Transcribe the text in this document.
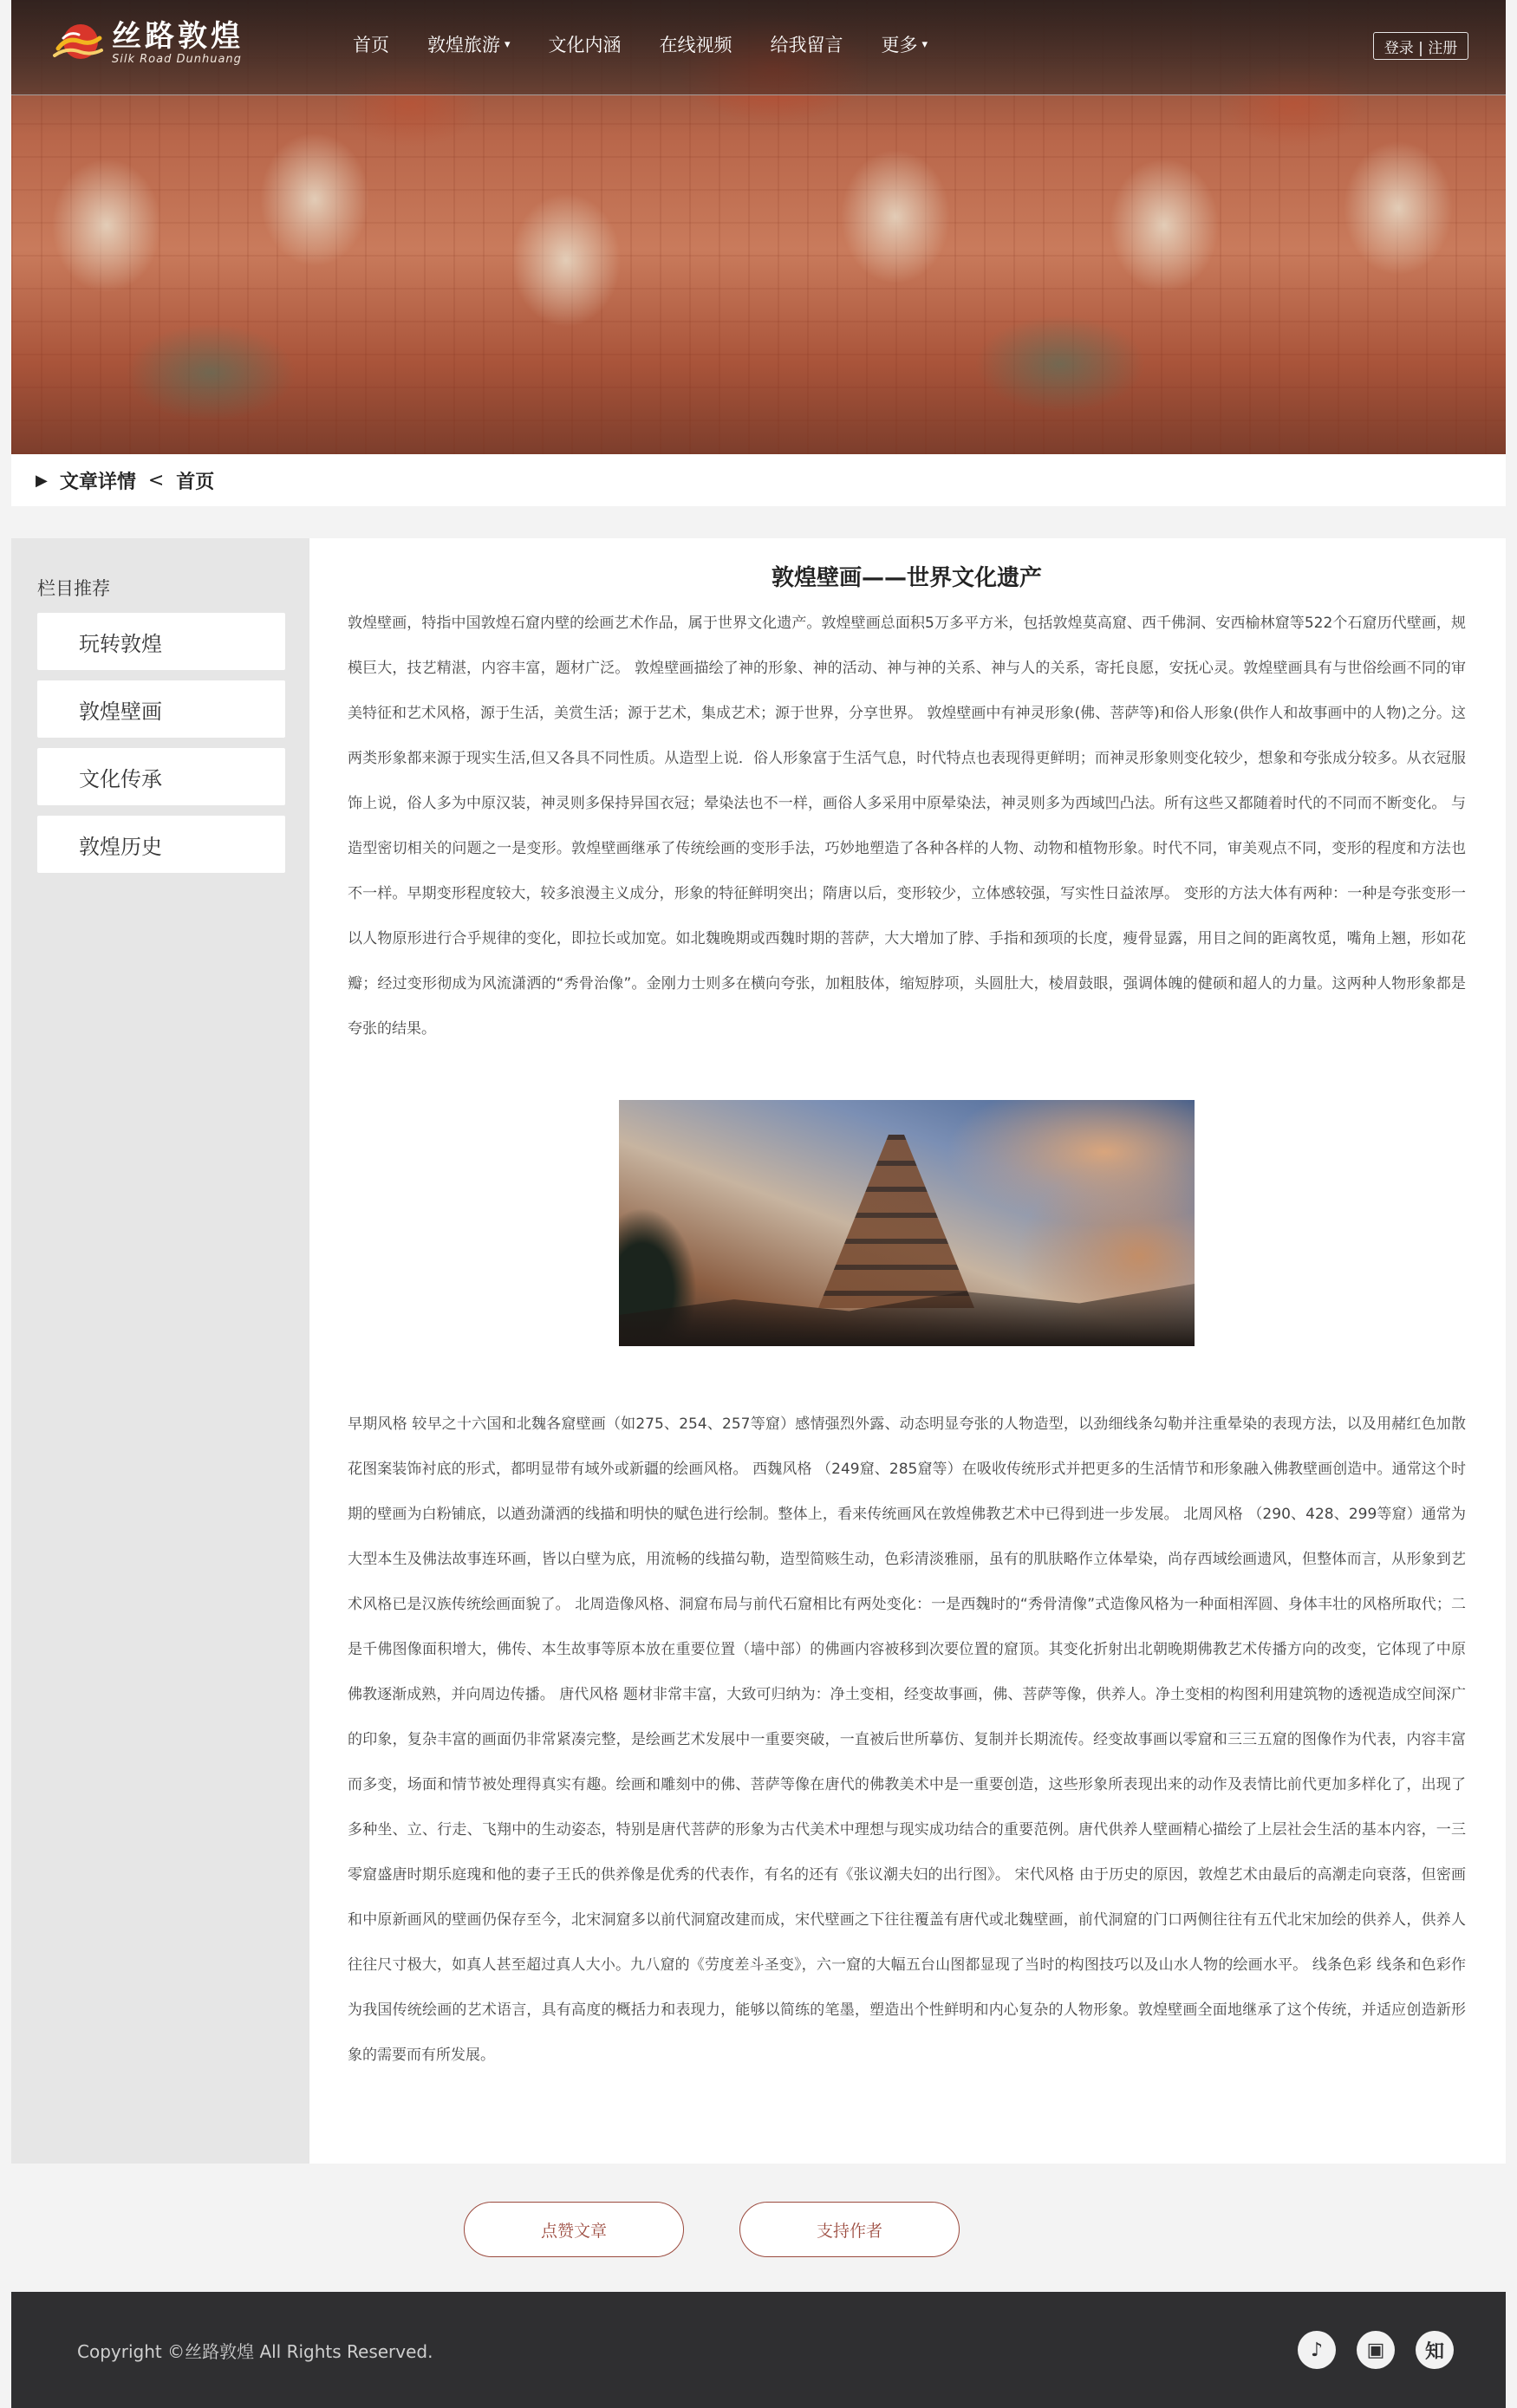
丝路敦煌
Silk Road Dunhuang
首页 敦煌旅游 ▾ 文化内涵 在线视频 给我留言 更多 ▾	登录 | 注册
▶ 文章详情 < 首页
栏目推荐
玩转敦煌
敦煌壁画
文化传承
敦煌历史
敦煌壁画——世界文化遗产

敦煌壁画，特指中国敦煌石窟内壁的绘画艺术作品，属于世界文化遗产。敦煌壁画总面积5万多平方米，包括敦煌莫高窟、西千佛洞、安西榆林窟等522个石窟历代壁画，规模巨大，技艺精湛，内容丰富，题材广泛。 敦煌壁画描绘了神的形象、神的活动、神与神的关系、神与人的关系，寄托良愿，安抚心灵。敦煌壁画具有与世俗绘画不同的审美特征和艺术风格，源于生活，美赏生活；源于艺术，集成艺术；源于世界，分享世界。 敦煌壁画中有神灵形象(佛、菩萨等)和俗人形象(供作人和故事画中的人物)之分。这两类形象都来源于现实生活,但又各具不同性质。从造型上说．俗人形象富于生活气息，时代特点也表现得更鲜明；而神灵形象则变化较少，想象和夸张成分较多。从衣冠服饰上说，俗人多为中原汉装，神灵则多保持异国衣冠；晕染法也不一样，画俗人多采用中原晕染法，神灵则多为西域凹凸法。所有这些又都随着时代的不同而不断变化。 与造型密切相关的问题之一是变形。敦煌壁画继承了传统绘画的变形手法，巧妙地塑造了各种各样的人物、动物和植物形象。时代不同，审美观点不同，变形的程度和方法也不一样。早期变形程度较大，较多浪漫主义成分，形象的特征鲜明突出；隋唐以后，变形较少，立体感较强，写实性日益浓厚。 变形的方法大体有两种：一种是夸张变形一以人物原形进行合乎规律的变化，即拉长或加宽。如北魏晚期或西魏时期的菩萨，大大增加了脖、手指和颈项的长度，瘦骨显露，用目之间的距离牧觅，嘴角上翘，形如花瓣；经过变形彻成为风流潇洒的“秀骨治像”。金刚力士则多在横向夸张，加粗肢体，缩短脖项，头圆肚大，棱眉鼓眼，强调体魄的健硕和超人的力量。这两种人物形象都是夸张的结果。

早期风格 较早之十六国和北魏各窟壁画（如275、254、257等窟）感情强烈外露、动态明显夸张的人物造型，以劲细线条勾勒并注重晕染的表现方法，以及用赭红色加散花图案装饰衬底的形式，都明显带有域外或新疆的绘画风格。 西魏风格 （249窟、285窟等）在吸收传统形式并把更多的生活情节和形象融入佛教壁画创造中。通常这个时期的壁画为白粉铺底，以遒劲潇洒的线描和明快的赋色进行绘制。整体上，看来传统画风在敦煌佛教艺术中已得到进一步发展。 北周风格 （290、428、299等窟）通常为大型本生及佛法故事连环画，皆以白壁为底，用流畅的线描勾勒，造型简赅生动，色彩清淡雅丽，虽有的肌肤略作立体晕染，尚存西域绘画遗风，但整体而言，从形象到艺术风格已是汉族传统绘画面貌了。 北周造像风格、洞窟布局与前代石窟相比有两处变化：一是西魏时的“秀骨清像”式造像风格为一种面相浑圆、身体丰壮的风格所取代；二是千佛图像面积增大，佛传、本生故事等原本放在重要位置（墙中部）的佛画内容被移到次要位置的窟顶。其变化折射出北朝晚期佛教艺术传播方向的改变，它体现了中原佛教逐渐成熟，并向周边传播。 唐代风格 题材非常丰富，大致可归纳为：净土变相，经变故事画，佛、菩萨等像，供养人。净土变相的构图利用建筑物的透视造成空间深广的印象，复杂丰富的画面仍非常紧凑完整，是绘画艺术发展中一重要突破，一直被后世所摹仿、复制并长期流传。经变故事画以零窟和三三五窟的图像作为代表，内容丰富而多变，场面和情节被处理得真实有趣。绘画和雕刻中的佛、菩萨等像在唐代的佛教美术中是一重要创造，这些形象所表现出来的动作及表情比前代更加多样化了，出现了多种坐、立、行走、飞翔中的生动姿态，特别是唐代菩萨的形象为古代美术中理想与现实成功结合的重要范例。唐代供养人壁画精心描绘了上层社会生活的基本内容，一三零窟盛唐时期乐庭瑰和他的妻子王氏的供养像是优秀的代表作，有名的还有《张议潮夫妇的出行图》。 宋代风格 由于历史的原因，敦煌艺术由最后的高潮走向衰落，但密画和中原新画风的壁画仍保存至今，北宋洞窟多以前代洞窟改建而成，宋代壁画之下往往覆盖有唐代或北魏壁画，前代洞窟的门口两侧往往有五代北宋加绘的供养人，供养人往往尺寸极大，如真人甚至超过真人大小。九八窟的《劳度差斗圣变》，六一窟的大幅五台山图都显现了当时的构图技巧以及山水人物的绘画水平。 线条色彩 线条和色彩作为我国传统绘画的艺术语言，具有高度的概括力和表现力，能够以简练的笔墨，塑造出个性鲜明和内心复杂的人物形象。敦煌壁画全面地继承了这个传统，并适应创造新形象的需要而有所发展。

点赞文章	支持作者
Copyright ©丝路敦煌 All Rights Reserved.	♪	▣	知
